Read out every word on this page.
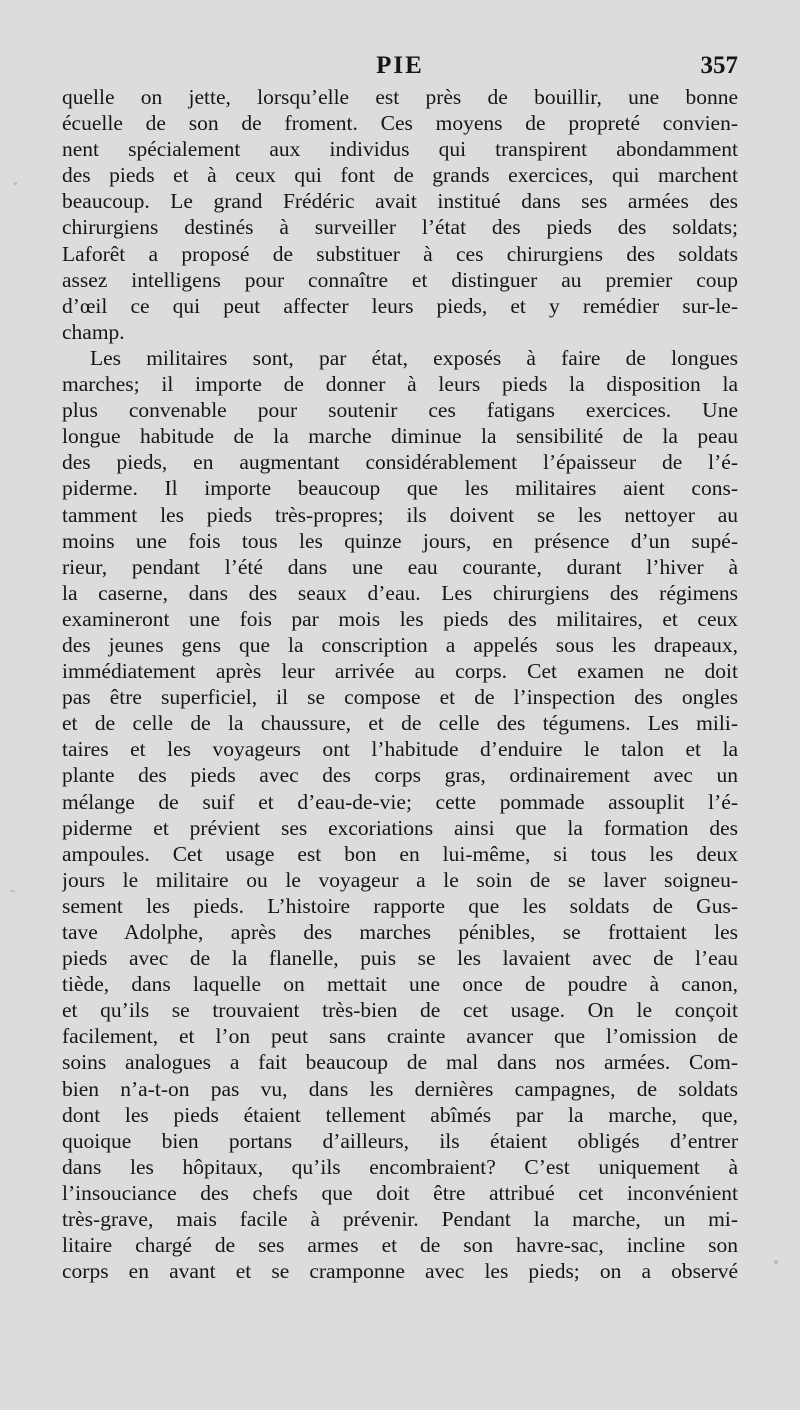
PIE	357
quelle on jette, lorsqu’elle est près de bouillir, une bonne
écuelle de son de froment. Ces moyens de propreté convien-
nent spécialement aux individus qui transpirent abondamment
des pieds et à ceux qui font de grands exercices, qui marchent
beaucoup. Le grand Frédéric avait institué dans ses armées des
chirurgiens destinés à surveiller l’état des pieds des soldats;
Laforêt a proposé de substituer à ces chirurgiens des soldats
assez intelligens pour connaître et distinguer au premier coup
d’œil ce qui peut affecter leurs pieds, et y remédier sur-le-
champ.
Les militaires sont, par état, exposés à faire de longues
marches; il importe de donner à leurs pieds la disposition la
plus convenable pour soutenir ces fatigans exercices. Une
longue habitude de la marche diminue la sensibilité de la peau
des pieds, en augmentant considérablement l’épaisseur de l’é-
piderme. Il importe beaucoup que les militaires aient cons-
tamment les pieds très-propres; ils doivent se les nettoyer au
moins une fois tous les quinze jours, en présence d’un supé-
rieur, pendant l’été dans une eau courante, durant l’hiver à
la caserne, dans des seaux d’eau. Les chirurgiens des régimens
examineront une fois par mois les pieds des militaires, et ceux
des jeunes gens que la conscription a appelés sous les drapeaux,
immédiatement après leur arrivée au corps. Cet examen ne doit
pas être superficiel, il se compose et de l’inspection des ongles
et de celle de la chaussure, et de celle des tégumens. Les mili-
taires et les voyageurs ont l’habitude d’enduire le talon et la
plante des pieds avec des corps gras, ordinairement avec un
mélange de suif et d’eau-de-vie; cette pommade assouplit l’é-
piderme et prévient ses excoriations ainsi que la formation des
ampoules. Cet usage est bon en lui-même, si tous les deux
jours le militaire ou le voyageur a le soin de se laver soigneu-
sement les pieds. L’histoire rapporte que les soldats de Gus-
tave Adolphe, après des marches pénibles, se frottaient les
pieds avec de la flanelle, puis se les lavaient avec de l’eau
tiède, dans laquelle on mettait une once de poudre à canon,
et qu’ils se trouvaient très-bien de cet usage. On le conçoit
facilement, et l’on peut sans crainte avancer que l’omission de
soins analogues a fait beaucoup de mal dans nos armées. Com-
bien n’a-t-on pas vu, dans les dernières campagnes, de soldats
dont les pieds étaient tellement abîmés par la marche, que,
quoique bien portans d’ailleurs, ils étaient obligés d’entrer
dans les hôpitaux, qu’ils encombraient? C’est uniquement à
l’insouciance des chefs que doit être attribué cet inconvénient
très-grave, mais facile à prévenir. Pendant la marche, un mi-
litaire chargé de ses armes et de son havre-sac, incline son
corps en avant et se cramponne avec les pieds; on a observé
